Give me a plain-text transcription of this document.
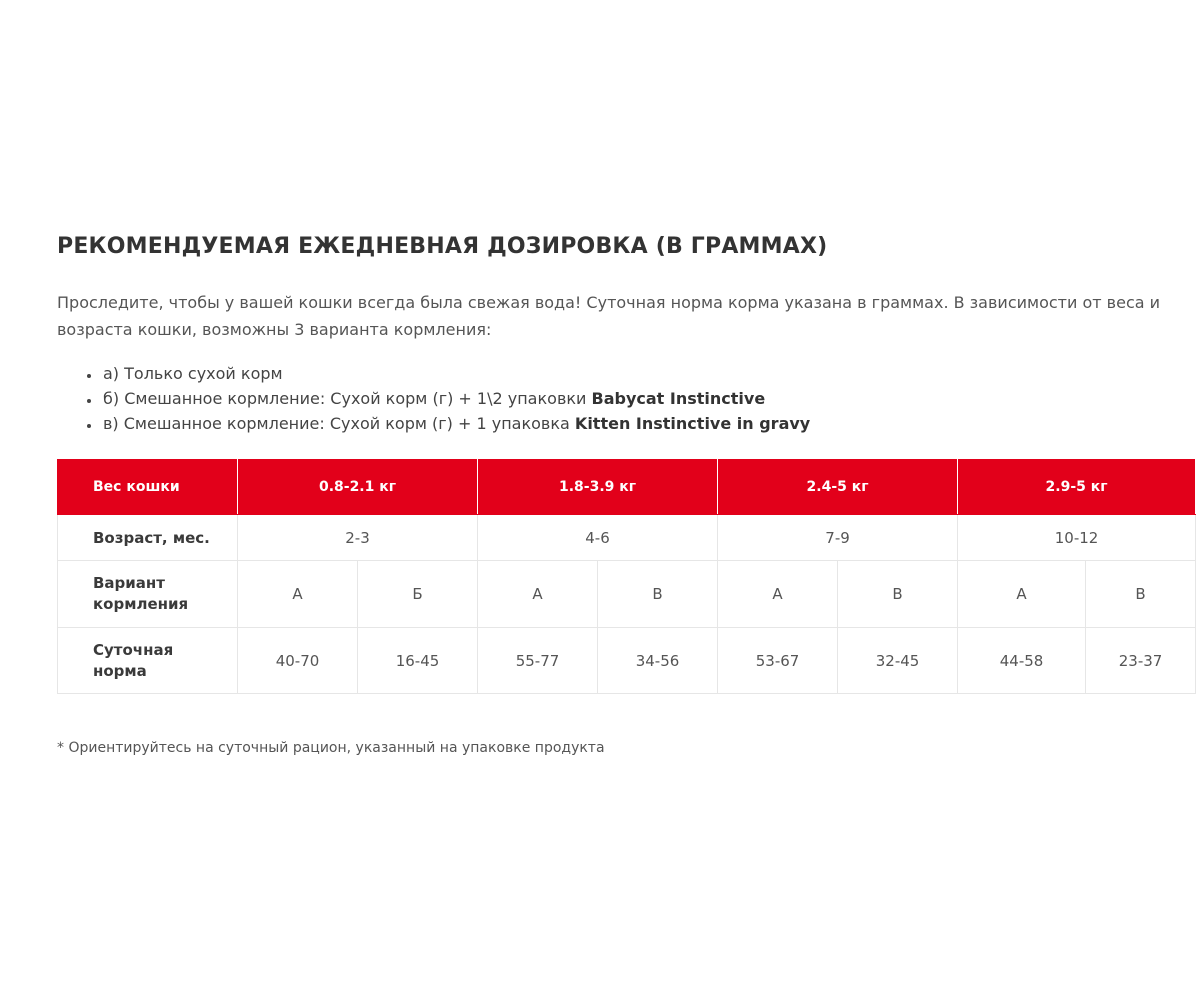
РЕКОМЕНДУЕМАЯ ЕЖЕДНЕВНАЯ ДОЗИРОВКА (В ГРАММАХ)

Проследите, чтобы у вашей кошки всегда была свежая вода! Суточная норма корма указана в граммах. В зависимости от веса и возраста кошки, возможны 3 варианта кормления:

• а) Только сухой корм
• б) Смешанное кормление: Сухой корм (г) + 1\2 упаковки Babycat Instinctive
• в) Смешанное кормление: Сухой корм (г) + 1 упаковка Kitten Instinctive in gravy
Вес кошки	0.8-2.1 кг		1.8-3.9 кг		2.4-5 кг		2.9-5 кг	
Возраст, мес.	2-3		4-6		7-9		10-12	
Вариант кормления	А	Б	А	В	А	В	А	В
Суточная норма	40-70	16-45	55-77	34-56	53-67	32-45	44-58	23-37
* Ориентируйтесь на суточный рацион, указанный на упаковке продукта
